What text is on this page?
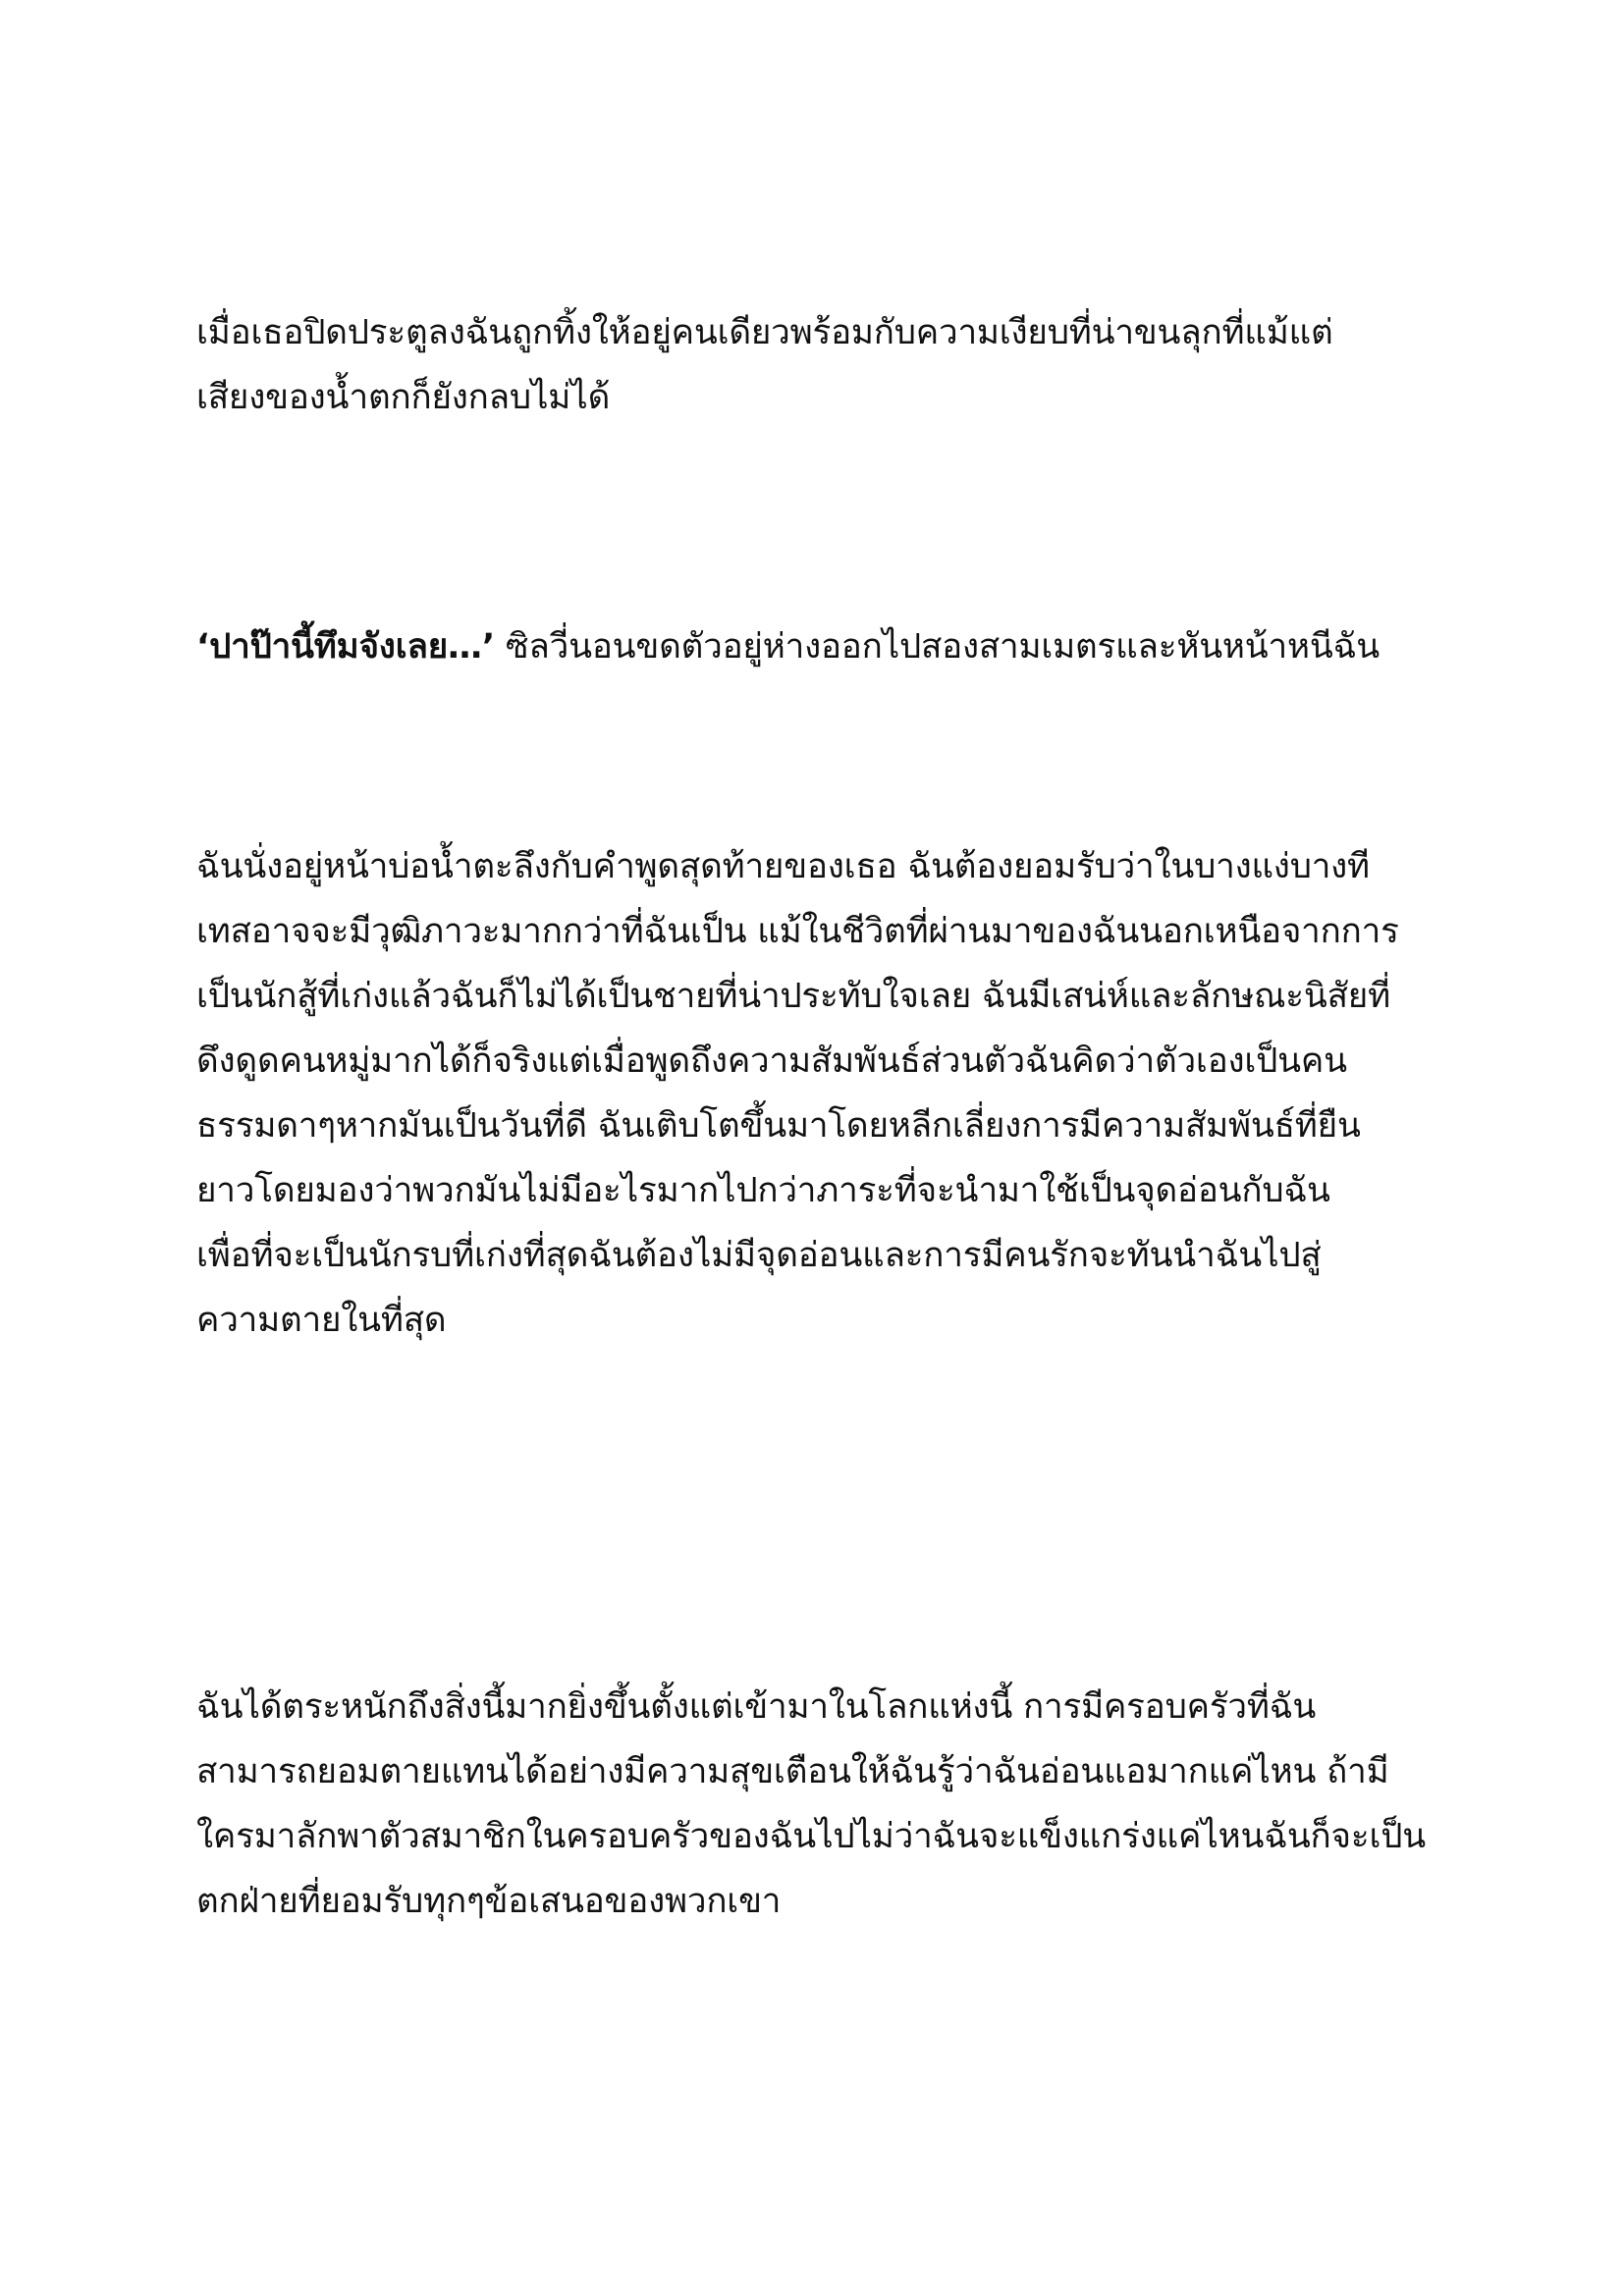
เมื่อเธอปิดประตูลงฉันถูกทิ้งให้อยู่คนเดียวพร้อมกับความเงียบที่น่าขนลุกที่แม้แต่
เสียงของน้ำตกก็ยังกลบไม่ได้

‘ปาป๊านี้ทึมจังเลย…’ ซิลวี่นอนขดตัวอยู่ห่างออกไปสองสามเมตรและหันหน้าหนีฉัน

ฉันนั่งอยู่หน้าบ่อน้ำตะลึงกับคำพูดสุดท้ายของเธอ ฉันต้องยอมรับว่าในบางแง่บางที
เทสอาจจะมีวุฒิภาวะมากกว่าที่ฉันเป็น แม้ในชีวิตที่ผ่านมาของฉันนอกเหนือจากการ
เป็นนักสู้ที่เก่งแล้วฉันก็ไม่ได้เป็นชายที่น่าประทับใจเลย ฉันมีเสน่ห์และลักษณะนิสัยที่
ดึงดูดคนหมู่มากได้ก็จริงแต่เมื่อพูดถึงความสัมพันธ์ส่วนตัวฉันคิดว่าตัวเองเป็นคน
ธรรมดาๆหากมันเป็นวันที่ดี ฉันเติบโตขึ้นมาโดยหลีกเลี่ยงการมีความสัมพันธ์ที่ยืน
ยาวโดยมองว่าพวกมันไม่มีอะไรมากไปกว่าภาระที่จะนำมาใช้เป็นจุดอ่อนกับฉัน
เพื่อที่จะเป็นนักรบที่เก่งที่สุดฉันต้องไม่มีจุดอ่อนและการมีคนรักจะทันนำฉันไปสู่
ความตายในที่สุด

ฉันได้ตระหนักถึงสิ่งนี้มากยิ่งขึ้นตั้งแต่เข้ามาในโลกแห่งนี้ การมีครอบครัวที่ฉัน
สามารถยอมตายแทนได้อย่างมีความสุขเตือนให้ฉันรู้ว่าฉันอ่อนแอมากแค่ไหน ถ้ามี
ใครมาลักพาตัวสมาชิกในครอบครัวของฉันไปไม่ว่าฉันจะแข็งแกร่งแค่ไหนฉันก็จะเป็น
ตกฝ่ายที่ยอมรับทุกๆข้อเสนอของพวกเขา
